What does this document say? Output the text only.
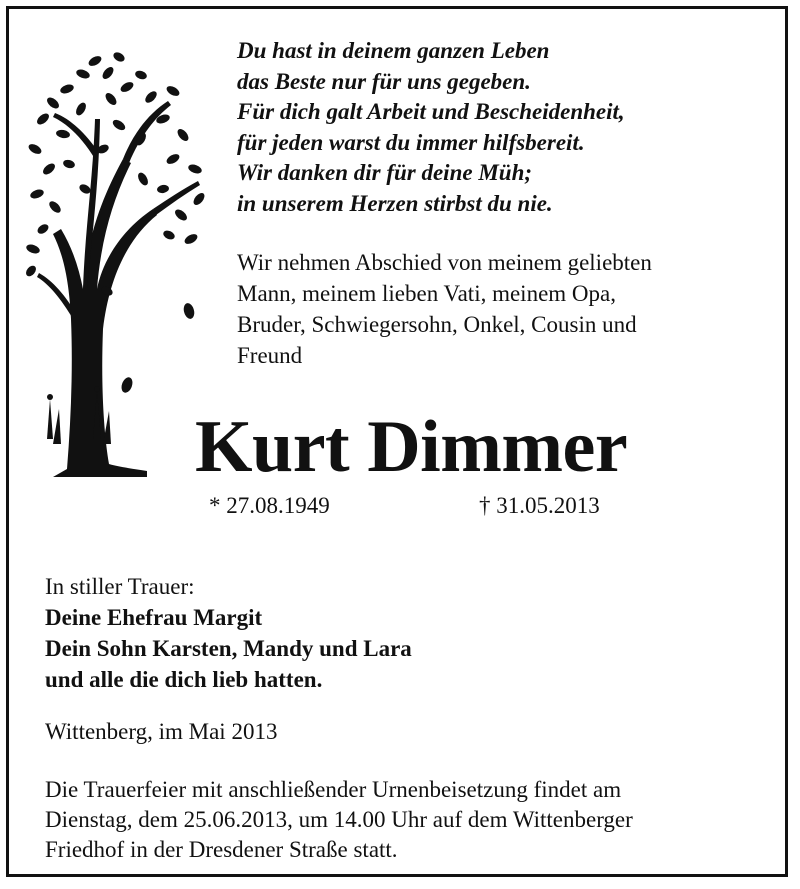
Du hast in deinem ganzen Leben
das Beste nur für uns gegeben.
Für dich galt Arbeit und Bescheidenheit,
für jeden warst du immer hilfsbereit.
Wir danken dir für deine Müh;
in unserem Herzen stirbst du nie.
Wir nehmen Abschied von meinem geliebten
Mann, meinem lieben Vati, meinem Opa,
Bruder, Schwiegersohn, Onkel, Cousin und
Freund
Kurt Dimmer
* 27.08.1949	† 31.05.2013
In stiller Trauer:
Deine Ehefrau Margit
Dein Sohn Karsten, Mandy und Lara
und alle die dich lieb hatten.
Wittenberg, im Mai 2013
Die Trauerfeier mit anschließender Urnenbeisetzung findet am
Dienstag, dem 25.06.2013, um 14.00 Uhr auf dem Wittenberger
Friedhof in der Dresdener Straße statt.
